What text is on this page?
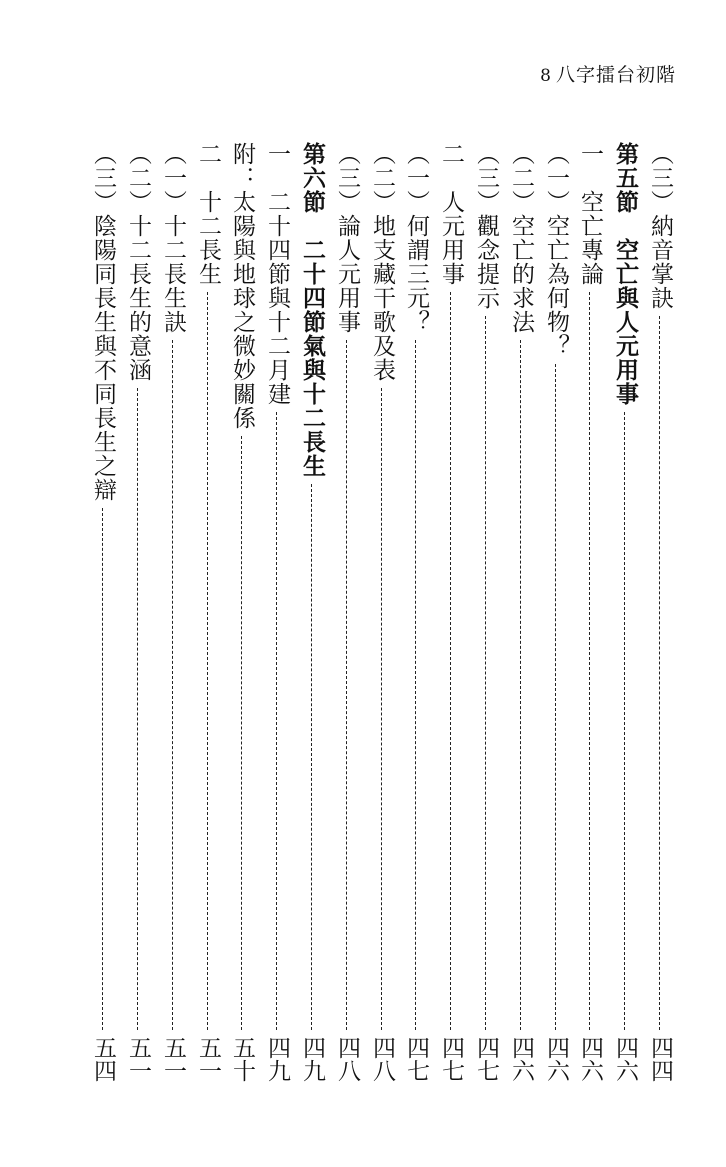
8 八字擂台初階
（三）納音掌訣
四四
第五節　空亡與人元用事
四六
一　空亡專論
四六
（一）空亡為何物？
四六
（二）空亡的求法
四六
（三）觀念提示
四七
二　人元用事
四七
（一）何謂三元？
四七
（二）地支藏干歌及表
四八
（三）論人元用事
四八
第六節　二十四節氣與十二長生
四九
一　二十四節與十二月建
四九
附：太陽與地球之微妙關係
五十
二　十二長生
五一
（一）十二長生訣
五一
（二）十二長生的意涵
五一
（三）陰陽同長生與不同長生之辯
五四
